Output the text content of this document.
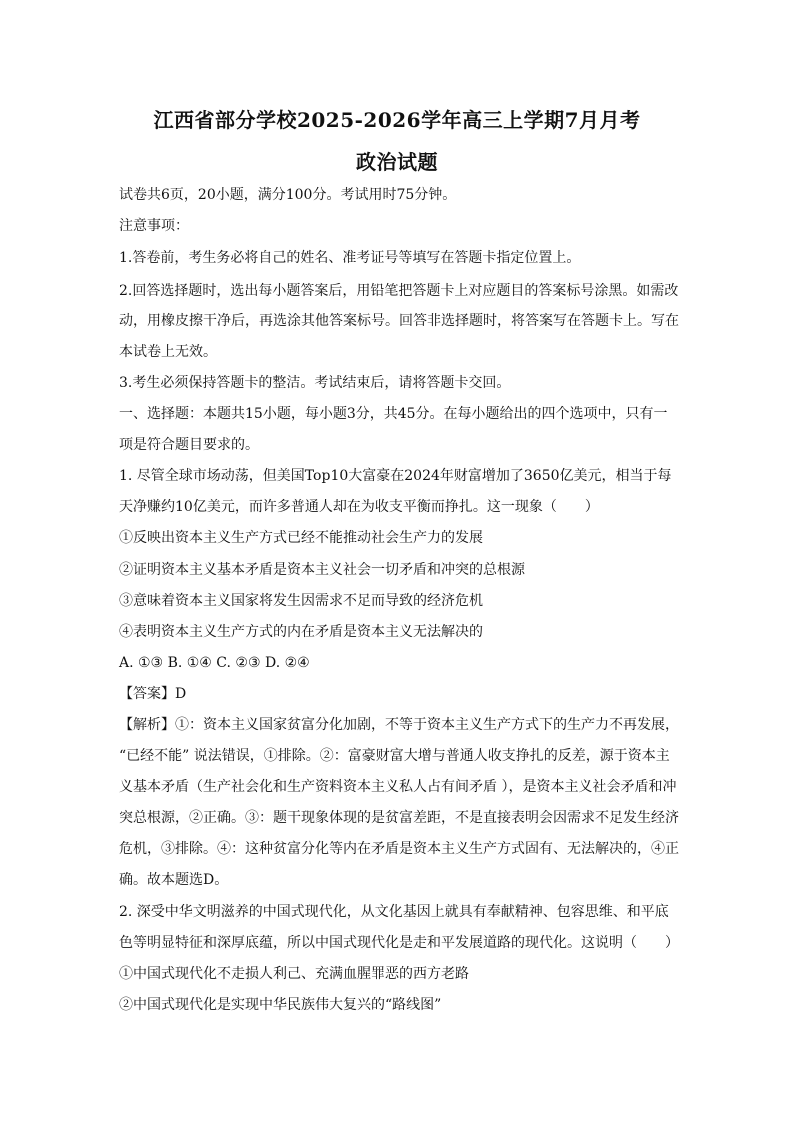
江西省部分学校2025-2026学年高三上学期7月月考
政治试题
试卷共6页，20小题，满分100分。考试用时75分钟。
注意事项：
1.答卷前，考生务必将自己的姓名、准考证号等填写在答题卡指定位置上。
2.回答选择题时，选出每小题答案后，用铅笔把答题卡上对应题目的答案标号涂黑。如需改
动，用橡皮擦干净后，再选涂其他答案标号。回答非选择题时，将答案写在答题卡上。写在
本试卷上无效。
3.考生必须保持答题卡的整洁。考试结束后，请将答题卡交回。
一、选择题：本题共15小题，每小题3分，共45分。在每小题给出的四个选项中，只有一
项是符合题目要求的。
1. 尽管全球市场动荡，但美国Top10大富豪在2024年财富增加了3650亿美元，相当于每
天净赚约10亿美元，而许多普通人却在为收支平衡而挣扎。这一现象（　　）
①反映出资本主义生产方式已经不能推动社会生产力的发展
②证明资本主义基本矛盾是资本主义社会一切矛盾和冲突的总根源
③意味着资本主义国家将发生因需求不足而导致的经济危机
④表明资本主义生产方式的内在矛盾是资本主义无法解决的
A. ①③ B. ①④ C. ②③ D. ②④
【答案】D
【解析】①：资本主义国家贫富分化加剧，不等于资本主义生产方式下的生产力不再发展，
“已经不能” 说法错误，①排除。②：富豪财富大增与普通人收支挣扎的反差，源于资本主
义基本矛盾（生产社会化和生产资料资本主义私人占有间矛盾 ），是资本主义社会矛盾和冲
突总根源，②正确。③：题干现象体现的是贫富差距，不是直接表明会因需求不足发生经济
危机，③排除。④：这种贫富分化等内在矛盾是资本主义生产方式固有、无法解决的，④正
确。故本题选D。
2. 深受中华文明滋养的中国式现代化，从文化基因上就具有奉献精神、包容思维、和平底
色等明显特征和深厚底蕴，所以中国式现代化是走和平发展道路的现代化。这说明（　　）
①中国式现代化不走损人利己、充满血腥罪恶的西方老路
②中国式现代化是实现中华民族伟大复兴的“路线图”
